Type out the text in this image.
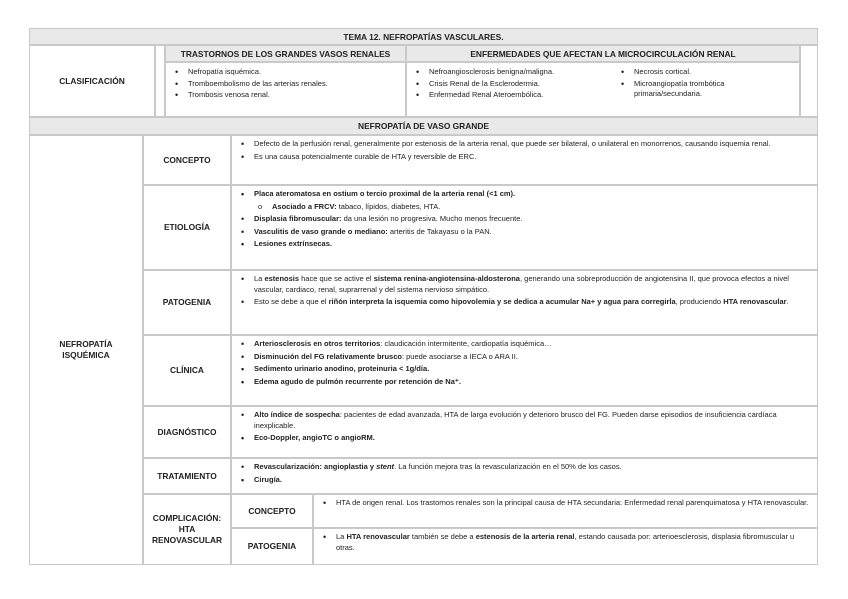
TEMA 12. NEFROPATÍAS VASCULARES.
CLASIFICACIÓN
TRASTORNOS DE LOS GRANDES VASOS RENALES	ENFERMEDADES QUE AFECTAN LA MICROCIRCULACIÓN RENAL
• Nefropatía isquémica.
• Tromboembolismo de las arterias renales.
• Trombosis venosa renal.
• Nefroangiosclerosis benigna/maligna.
• Crisis Renal de la Esclerodermia.
• Enfermedad Renal Ateroembólica.
• Necrosis cortical.
• Microangiopatía trombótica primaria/secundaria.
NEFROPATÍA DE VASO GRANDE
NEFROPATÍA ISQUÉMICA
CONCEPTO
• Defecto de la perfusión renal, generalmente por estenosis de la arteria renal, que puede ser bilateral, o unilateral en monorrenos, causando isquemia renal.
• Es una causa potencialmente curable de HTA y reversible de ERC.
ETIOLOGÍA
• Placa ateromatosa en ostium o tercio proximal de la arteria renal (<1 cm).
o Asociado a FRCV: tabaco, lípidos, diabetes, HTA.
• Displasia fibromuscular: da una lesión no progresiva. Mucho menos frecuente.
• Vasculitis de vaso grande o mediano: arteritis de Takayasu o la PAN.
• Lesiones extrínsecas.
PATOGENIA
• La estenosis hace que se active el sistema renina-angiotensina-aldosterona, generando una sobreproducción de angiotensina II, que provoca efectos a nivel vascular, cardiaco, renal, suprarrenal y del sistema nervioso simpático.
• Esto se debe a que el riñón interpreta la isquemia como hipovolemia y se dedica a acumular Na+ y agua para corregirla, produciendo HTA renovascular.
CLÍNICA
• Arteriosclerosis en otros territorios: claudicación intermitente, cardiopatía isquémica…
• Disminución del FG relativamente brusco: puede asociarse a IECA o ARA II.
• Sedimento urinario anodino, proteinuria < 1g/día.
• Edema agudo de pulmón recurrente por retención de Na⁺.
DIAGNÓSTICO
• Alto índice de sospecha: pacientes de edad avanzada, HTA de larga evolución y deterioro brusco del FG. Pueden darse episodios de insuficiencia cardíaca inexplicable.
• Eco-Doppler, angioTC o angioRM.
TRATAMIENTO
• Revascularización: angioplastia y stent. La función mejora tras la revascularización en el 50% de los casos.
• Cirugía.
COMPLICACIÓN: HTA RENOVASCULAR
CONCEPTO
• HTA de origen renal. Los trastornos renales son la principal causa de HTA secundaria: Enfermedad renal parenquimatosa y HTA renovascular.
PATOGENIA
• La HTA renovascular también se debe a estenosis de la arteria renal, estando causada por: arterioesclerosis, displasia fibromuscular u otras.
